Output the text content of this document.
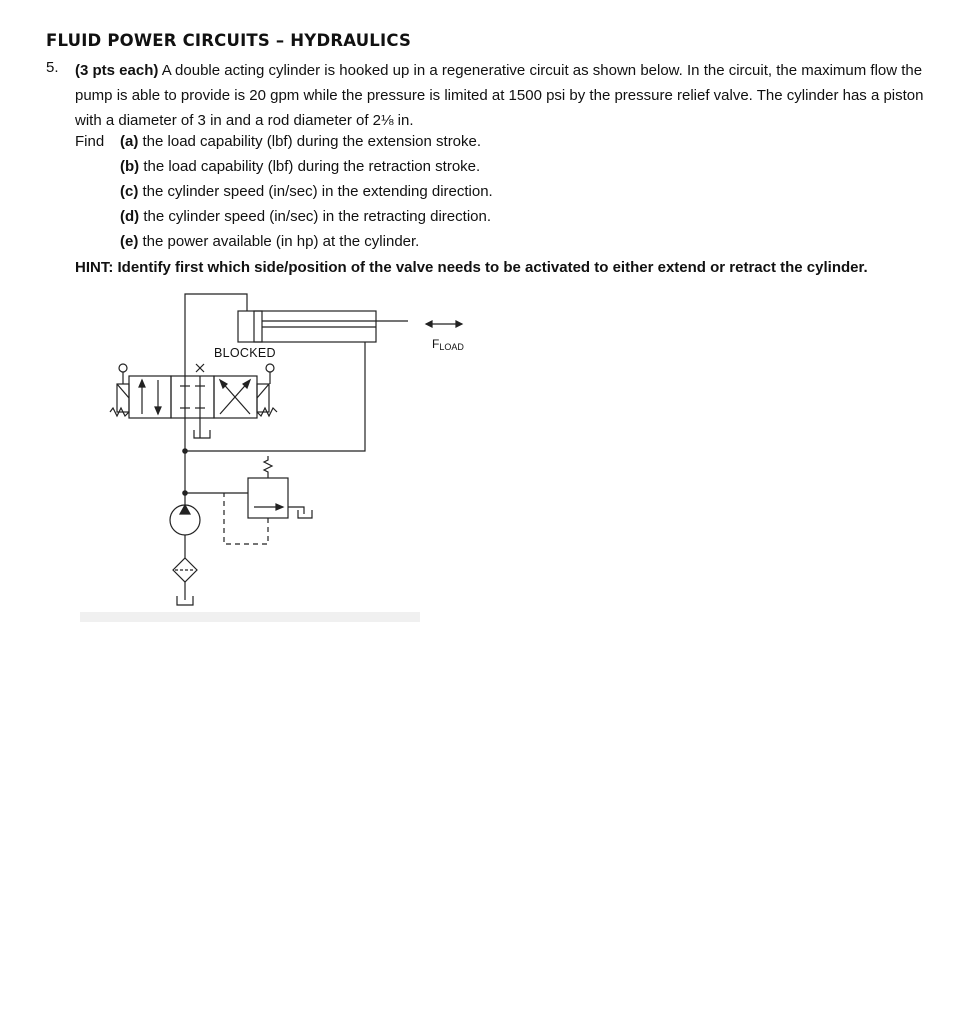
FLUID POWER CIRCUITS – HYDRAULICS
5. (3 pts each) A double acting cylinder is hooked up in a regenerative circuit as shown below. In the circuit, the maximum flow the pump is able to provide is 20 gpm while the pressure is limited at 1500 psi by the pressure relief valve. The cylinder has a piston with a diameter of 3 in and a rod diameter of 2⅛ in.
Find (a) the load capability (lbf) during the extension stroke.
(b) the load capability (lbf) during the retraction stroke.
(c) the cylinder speed (in/sec) in the extending direction.
(d) the cylinder speed (in/sec) in the retracting direction.
(e) the power available (in hp) at the cylinder.
HINT: Identify first which side/position of the valve needs to be activated to either extend or retract the cylinder.
BLOCKED
FLOAD
